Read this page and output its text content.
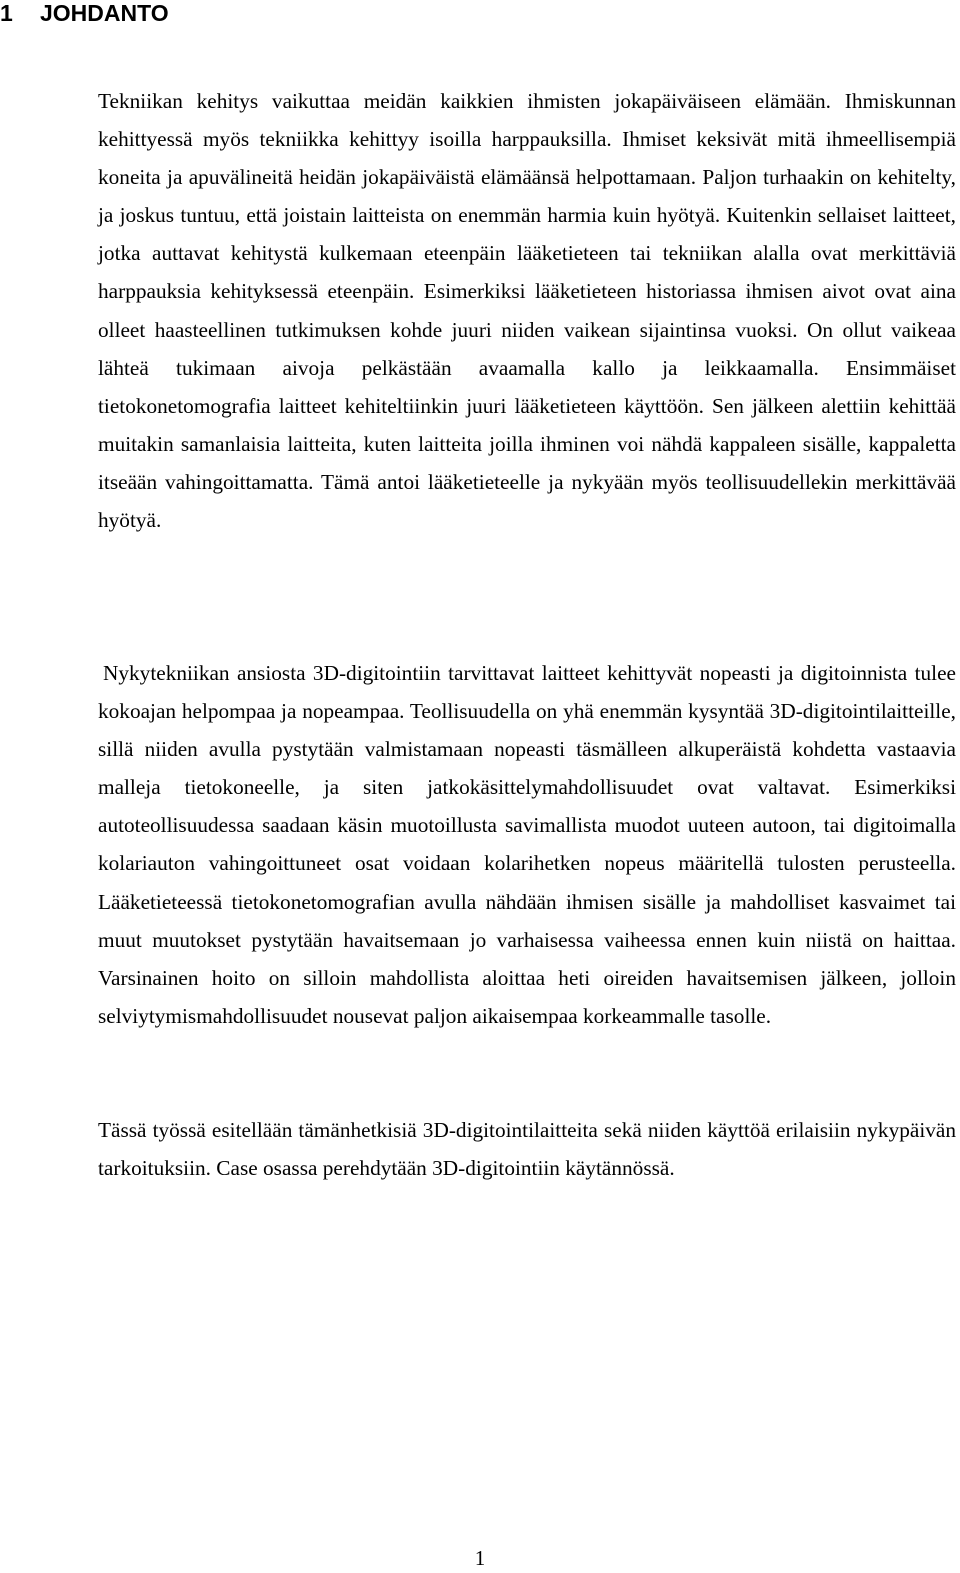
1 JOHDANTO

Tekniikan kehitys vaikuttaa meidän kaikkien ihmisten jokapäiväiseen elämään. Ihmiskunnan kehittyessä myös tekniikka kehittyy isoilla harppauksilla. Ihmiset keksivät mitä ihmeellisempiä koneita ja apuvälineitä heidän jokapäiväistä elämäänsä helpottamaan. Paljon turhaakin on kehitelty, ja joskus tuntuu, että joistain laitteista on enemmän harmia kuin hyötyä. Kuitenkin sellaiset laitteet, jotka auttavat kehitystä kulkemaan eteenpäin lääketieteen tai tekniikan alalla ovat merkittäviä harppauksia kehityksessä eteenpäin. Esimerkiksi lääketieteen historiassa ihmisen aivot ovat aina olleet haasteellinen tutkimuksen kohde juuri niiden vaikean sijaintinsa vuoksi. On ollut vaikeaa lähteä tukimaan aivoja pelkästään avaamalla kallo ja leikkaamalla. Ensimmäiset tietokonetomografia laitteet kehiteltiinkin juuri lääketieteen käyttöön. Sen jälkeen alettiin kehittää muitakin samanlaisia laitteita, kuten laitteita joilla ihminen voi nähdä kappaleen sisälle, kappaletta itseään vahingoittamatta. Tämä antoi lääketieteelle ja nykyään myös teollisuudellekin merkittävää hyötyä.

Nykytekniikan ansiosta 3D-digitointiin tarvittavat laitteet kehittyvät nopeasti ja digitoinnista tulee kokoajan helpompaa ja nopeampaa. Teollisuudella on yhä enemmän kysyntää 3D-digitointilaitteille, sillä niiden avulla pystytään valmistamaan nopeasti täsmälleen alkuperäistä kohdetta vastaavia malleja tietokoneelle, ja siten jatkokäsittelymahdollisuudet ovat valtavat. Esimerkiksi autoteollisuudessa saadaan käsin muotoillusta savimallista muodot uuteen autoon, tai digitoimalla kolariauton vahingoittuneet osat voidaan kolarihetken nopeus määritellä tulosten perusteella. Lääketieteessä tietokonetomografian avulla nähdään ihmisen sisälle ja mahdolliset kasvaimet tai muut muutokset pystytään havaitsemaan jo varhaisessa vaiheessa ennen kuin niistä on haittaa. Varsinainen hoito on silloin mahdollista aloittaa heti oireiden havaitsemisen jälkeen, jolloin selviytymismahdollisuudet nousevat paljon aikaisempaa korkeammalle tasolle.

Tässä työssä esitellään tämänhetkisiä 3D-digitointilaitteita sekä niiden käyttöä erilaisiin nykypäivän tarkoituksiin. Case osassa perehdytään 3D-digitointiin käytännössä.

1
